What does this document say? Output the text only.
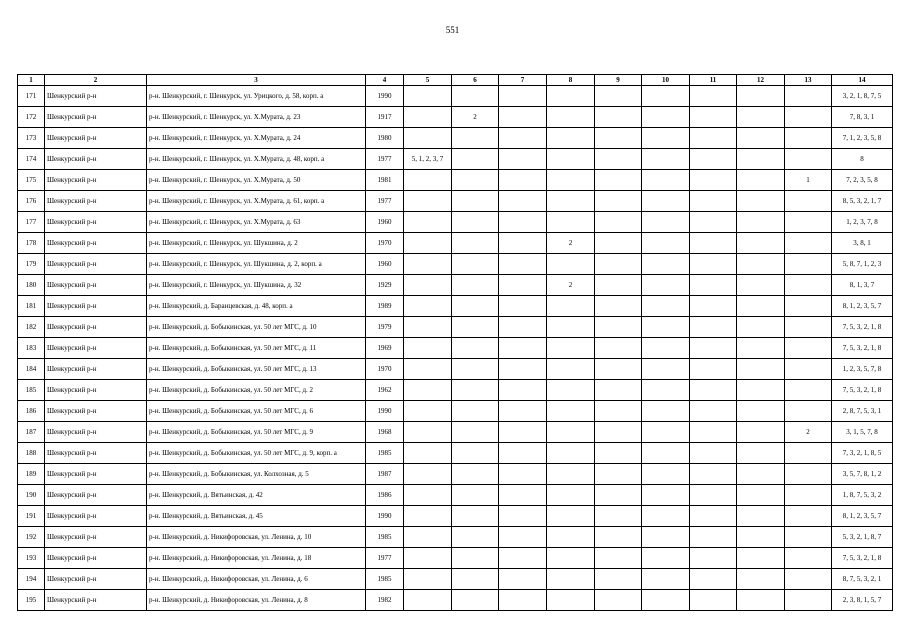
551
1	2	3	4	5	6	7	8	9	10	11	12	13	14
171	Шенкурский р-н	р-н. Шенкурский, г. Шенкурск, ул. Урицкого, д. 58, корп. а	1990										3, 2, 1, 8, 7, 5
172	Шенкурский р-н	р-н. Шенкурский, г. Шенкурск, ул. Х.Мурата, д. 23	1917		2								7, 8, 3, 1
173	Шенкурский р-н	р-н. Шенкурский, г. Шенкурск, ул. Х.Мурата, д. 24	1980										7, 1, 2, 3, 5, 8
174	Шенкурский р-н	р-н. Шенкурский, г. Шенкурск, ул. Х.Мурата, д. 48, корп. а	1977	5, 1, 2, 3, 7									8
175	Шенкурский р-н	р-н. Шенкурский, г. Шенкурск, ул. Х.Мурата, д. 50	1981									1	7, 2, 3, 5, 8
176	Шенкурский р-н	р-н. Шенкурский, г. Шенкурск, ул. Х.Мурата, д. 61, корп. а	1977										8, 5, 3, 2, 1, 7
177	Шенкурский р-н	р-н. Шенкурский, г. Шенкурск, ул. Х.Мурата, д. 63	1960										1, 2, 3, 7, 8
178	Шенкурский р-н	р-н. Шенкурский, г. Шенкурск, ул. Шукшина, д. 2	1970				2						3, 8, 1
179	Шенкурский р-н	р-н. Шенкурский, г. Шенкурск, ул. Шукшина, д. 2, корп. а	1960										5, 8, 7, 1, 2, 3
180	Шенкурский р-н	р-н. Шенкурский, г. Шенкурск, ул. Шукшина, д. 32	1929				2						8, 1, 3, 7
181	Шенкурский р-н	р-н. Шенкурский, д. Баранцевская, д. 48, корп. а	1989										8, 1, 2, 3, 5, 7
182	Шенкурский р-н	р-н. Шенкурский, д. Бобыкинская, ул. 50 лет МГС, д. 10	1979										7, 5, 3, 2, 1, 8
183	Шенкурский р-н	р-н. Шенкурский, д. Бобыкинская, ул. 50 лет МГС, д. 11	1969										7, 5, 3, 2, 1, 8
184	Шенкурский р-н	р-н. Шенкурский, д. Бобыкинская, ул. 50 лет МГС, д. 13	1970										1, 2, 3, 5, 7, 8
185	Шенкурский р-н	р-н. Шенкурский, д. Бобыкинская, ул. 50 лет МГС, д. 2	1962										7, 5, 3, 2, 1, 8
186	Шенкурский р-н	р-н. Шенкурский, д. Бобыкинская, ул. 50 лет МГС, д. 6	1990										2, 8, 7, 5, 3, 1
187	Шенкурский р-н	р-н. Шенкурский, д. Бобыкинская, ул. 50 лет МГС, д. 9	1968									2	3, 1, 5, 7, 8
188	Шенкурский р-н	р-н. Шенкурский, д. Бобыкинская, ул. 50 лет МГС, д. 9, корп. а	1985										7, 3, 2, 1, 8, 5
189	Шенкурский р-н	р-н. Шенкурский, д. Бобыкинская, ул. Колхозная, д. 5	1987										3, 5, 7, 8, 1, 2
190	Шенкурский р-н	р-н. Шенкурский, д. Вятьинская, д. 42	1986										1, 8, 7, 5, 3, 2
191	Шенкурский р-н	р-н. Шенкурский, д. Вятьинская, д. 45	1990										8, 1, 2, 3, 5, 7
192	Шенкурский р-н	р-н. Шенкурский, д. Никифоровская, ул. Ленина, д. 10	1985										5, 3, 2, 1, 8, 7
193	Шенкурский р-н	р-н. Шенкурский, д. Никифоровская, ул. Ленина, д. 18	1977										7, 5, 3, 2, 1, 8
194	Шенкурский р-н	р-н. Шенкурский, д. Никифоровская, ул. Ленина, д. 6	1985										8, 7, 5, 3, 2, 1
195	Шенкурский р-н	р-н. Шенкурский, д. Никифоровская, ул. Ленина, д. 8	1982										2, 3, 8, 1, 5, 7
